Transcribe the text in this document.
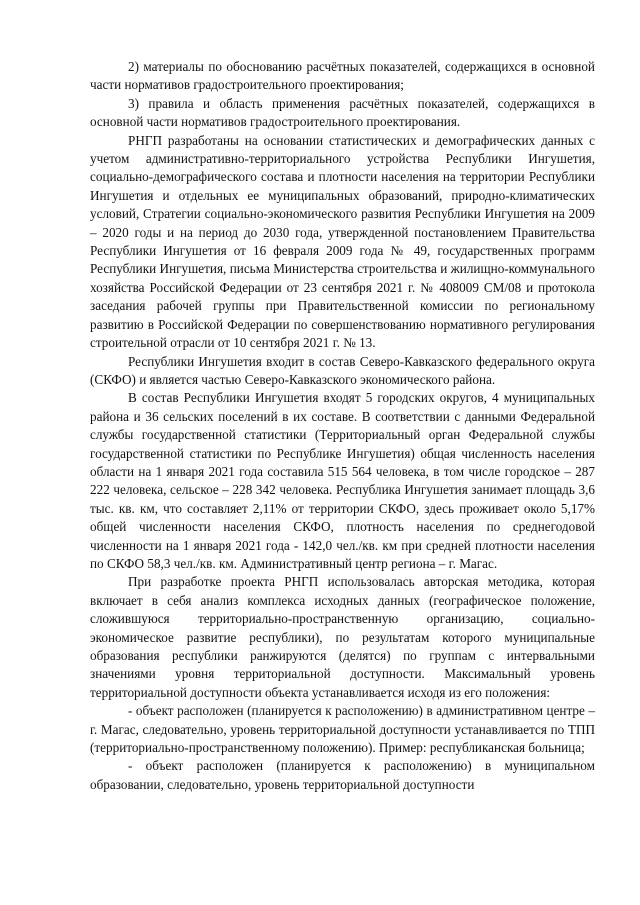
2) материалы по обоснованию расчётных показателей, содержащихся в основной части нормативов градостроительного проектирования;

3) правила и область применения расчётных показателей, содержащихся в основной части нормативов градостроительного проектирования.

РНГП разработаны на основании статистических и демографических данных с учетом административно-территориального устройства Республики Ингушетия, социально-демографического состава и плотности населения на территории Республики Ингушетия и отдельных ее муниципальных образований, природно-климатических условий, Стратегии социально-экономического развития Республики Ингушетия на 2009 – 2020 годы и на период до 2030 года, утвержденной постановлением Правительства Республики Ингушетия от 16 февраля 2009 года № 49, государственных программ Республики Ингушетия, письма Министерства строительства и жилищно-коммунального хозяйства Российской Федерации от 23 сентября 2021 г. № 408009 СМ/08 и протокола заседания рабочей группы при Правительственной комиссии по региональному развитию в Российской Федерации по совершенствованию нормативного регулирования строительной отрасли от 10 сентября 2021 г. № 13.

Республики Ингушетия входит в состав Северо-Кавказского федерального округа (СКФО) и является частью Северо-Кавказского экономического района.

В состав Республики Ингушетия входят 5 городских округов, 4 муниципальных района и 36 сельских поселений в их составе. В соответствии с данными Федеральной службы государственной статистики (Территориальный орган Федеральной службы государственной статистики по Республике Ингушетия) общая численность населения области на 1 января 2021 года составила 515 564 человека, в том числе городское – 287 222 человека, сельское – 228 342 человека. Республика Ингушетия занимает площадь 3,6 тыс. кв. км, что составляет 2,11% от территории СКФО, здесь проживает около 5,17% общей численности населения СКФО, плотность населения по среднегодовой численности на 1 января 2021 года - 142,0 чел./кв. км при средней плотности населения по СКФО 58,3 чел./кв. км. Административный центр региона – г. Магас.

При разработке проекта РНГП использовалась авторская методика, которая включает в себя анализ комплекса исходных данных (географическое положение, сложившуюся территориально-пространственную организацию, социально-экономическое развитие республики), по результатам которого муниципальные образования республики ранжируются (делятся) по группам с интервальными значениями уровня территориальной доступности. Максимальный уровень территориальной доступности объекта устанавливается исходя из его положения:

- объект расположен (планируется к расположению) в административном центре – г. Магас, следовательно, уровень территориальной доступности устанавливается по ТПП (территориально-пространственному положению). Пример: республиканская больница;

- объект расположен (планируется к расположению) в муниципальном образовании, следовательно, уровень территориальной доступности
